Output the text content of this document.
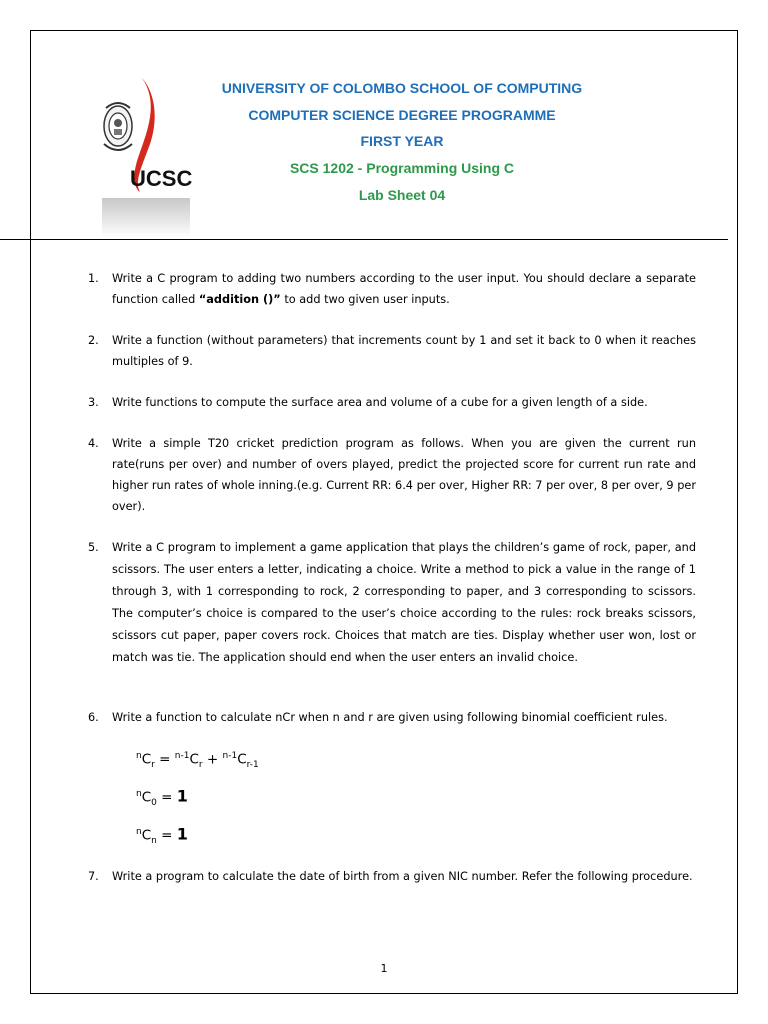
UCSC
UNIVERSITY OF COLOMBO SCHOOL OF COMPUTING
COMPUTER SCIENCE DEGREE PROGRAMME
FIRST YEAR
SCS 1202 - Programming Using C
Lab Sheet 04
1. Write a C program to adding two numbers according to the user input. You should declare a separate function called “addition ()” to add two given user inputs.
2. Write a function (without parameters) that increments count by 1 and set it back to 0 when it reaches multiples of 9.
3. Write functions to compute the surface area and volume of a cube for a given length of a side.
4. Write a simple T20 cricket prediction program as follows. When you are given the current run rate(runs per over) and number of overs played, predict the projected score for current run rate and higher run rates of whole inning.(e.g. Current RR: 6.4 per over, Higher RR: 7 per over, 8 per over, 9 per over).
5. Write a C program to implement a game application that plays the children’s game of rock, paper, and scissors. The user enters a letter, indicating a choice. Write a method to pick a value in the range of 1 through 3, with 1 corresponding to rock, 2 corresponding to paper, and 3 corresponding to scissors. The computer’s choice is compared to the user’s choice according to the rules: rock breaks scissors, scissors cut paper, paper covers rock. Choices that match are ties. Display whether user won, lost or match was tie. The application should end when the user enters an invalid choice.
6. Write a function to calculate nCr when n and r are given using following binomial coefficient rules.
$^nC_r = ^{n-1}C_r + ^{n-1}C_{r-1}$
$^nC_0 = 1$
$^nC_n = 1$
7. Write a program to calculate the date of birth from a given NIC number. Refer the following procedure.
1
